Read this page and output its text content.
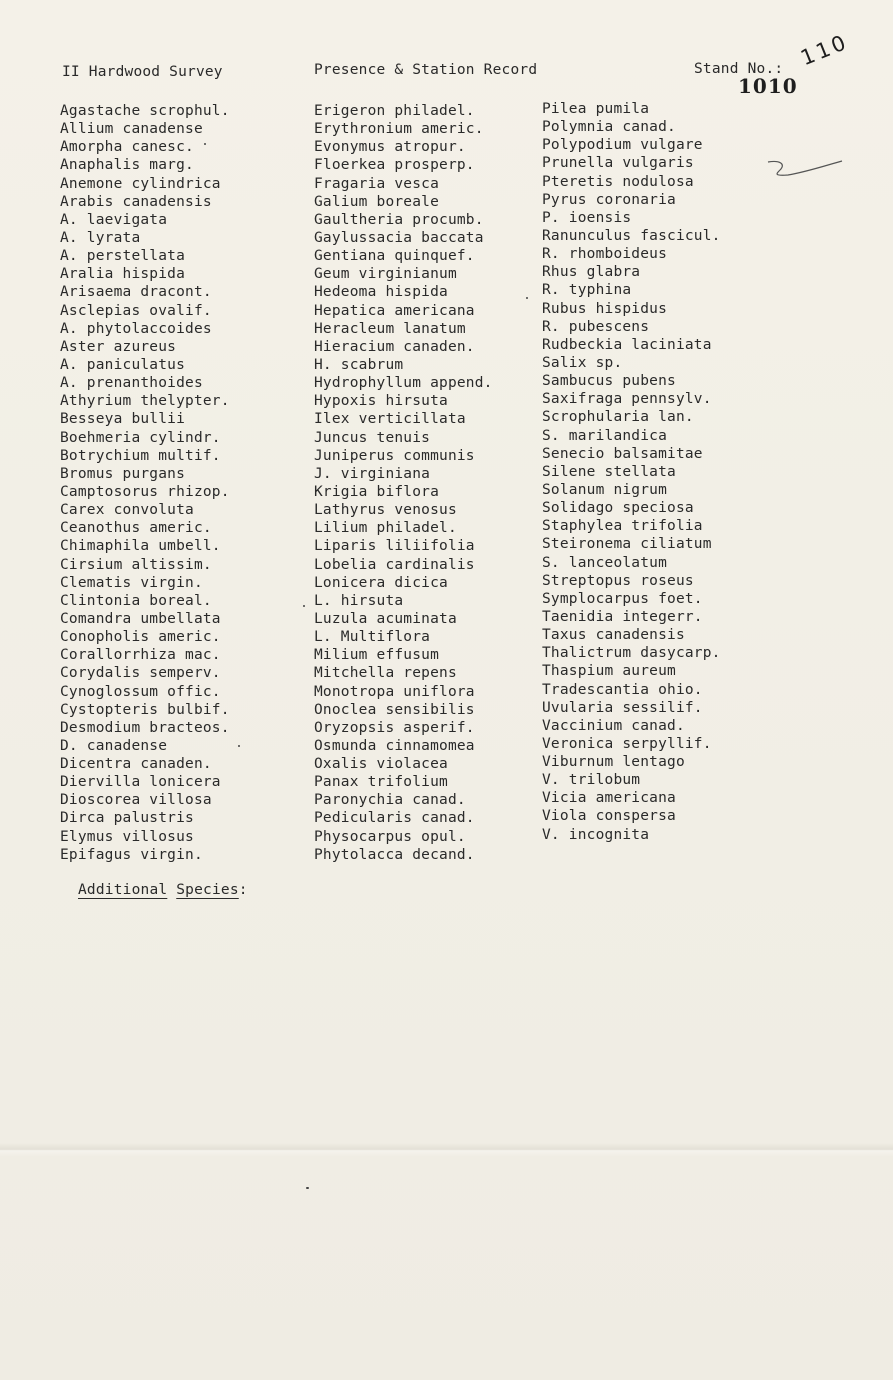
II Hardwood Survey	Presence & Station Record	Stand No.: 110
1010
Agastache scrophul.
Allium canadense
Amorpha canesc.
Anaphalis marg.
Anemone cylindrica
Arabis canadensis
A. laevigata
A. lyrata
A. perstellata
Aralia hispida
Arisaema dracont.
Asclepias ovalif.
A. phytolaccoides
Aster azureus
A. paniculatus
A. prenanthoides
Athyrium thelypter.
Besseya bullii
Boehmeria cylindr.
Botrychium multif.
Bromus purgans
Camptosorus rhizop.
Carex convoluta
Ceanothus americ.
Chimaphila umbell.
Cirsium altissim.
Clematis virgin.
Clintonia boreal.
Comandra umbellata
Conopholis americ.
Corallorrhiza mac.
Corydalis semperv.
Cynoglossum offic.
Cystopteris bulbif.
Desmodium bracteos.
D. canadense
Dicentra canaden.
Diervilla lonicera
Dioscorea villosa
Dirca palustris
Elymus villosus
Epifagus virgin.
Erigeron philadel.
Erythronium americ.
Evonymus atropur.
Floerkea prosperp.
Fragaria vesca
Galium boreale
Gaultheria procumb.
Gaylussacia baccata
Gentiana quinquef.
Geum virginianum
Hedeoma hispida
Hepatica americana
Heracleum lanatum
Hieracium canaden.
H. scabrum
Hydrophyllum append.
Hypoxis hirsuta
Ilex verticillata
Juncus tenuis
Juniperus communis
J. virginiana
Krigia biflora
Lathyrus venosus
Lilium philadel.
Liparis liliifolia
Lobelia cardinalis
Lonicera dicica
L. hirsuta
Luzula acuminata
L. Multiflora
Milium effusum
Mitchella repens
Monotropa uniflora
Onoclea sensibilis
Oryzopsis asperif.
Osmunda cinnamomea
Oxalis violacea
Panax trifolium
Paronychia canad.
Pedicularis canad.
Physocarpus opul.
Phytolacca decand.
Pilea pumila
Polymnia canad.
Polypodium vulgare
Prunella vulgaris
Pteretis nodulosa
Pyrus coronaria
P. ioensis
Ranunculus fascicul.
R. rhomboideus
Rhus glabra
R. typhina
Rubus hispidus
R. pubescens
Rudbeckia laciniata
Salix sp.
Sambucus pubens
Saxifraga pennsylv.
Scrophularia lan.
S. marilandica
Senecio balsamitae
Silene stellata
Solanum nigrum
Solidago speciosa
Staphylea trifolia
Steironema ciliatum
S. lanceolatum
Streptopus roseus
Symplocarpus foet.
Taenidia integerr.
Taxus canadensis
Thalictrum dasycarp.
Thaspium aureum
Tradescantia ohio.
Uvularia sessilif.
Vaccinium canad.
Veronica serpyllif.
Viburnum lentago
V. trilobum
Vicia americana
Viola conspersa
V. incognita
Additional Species:
